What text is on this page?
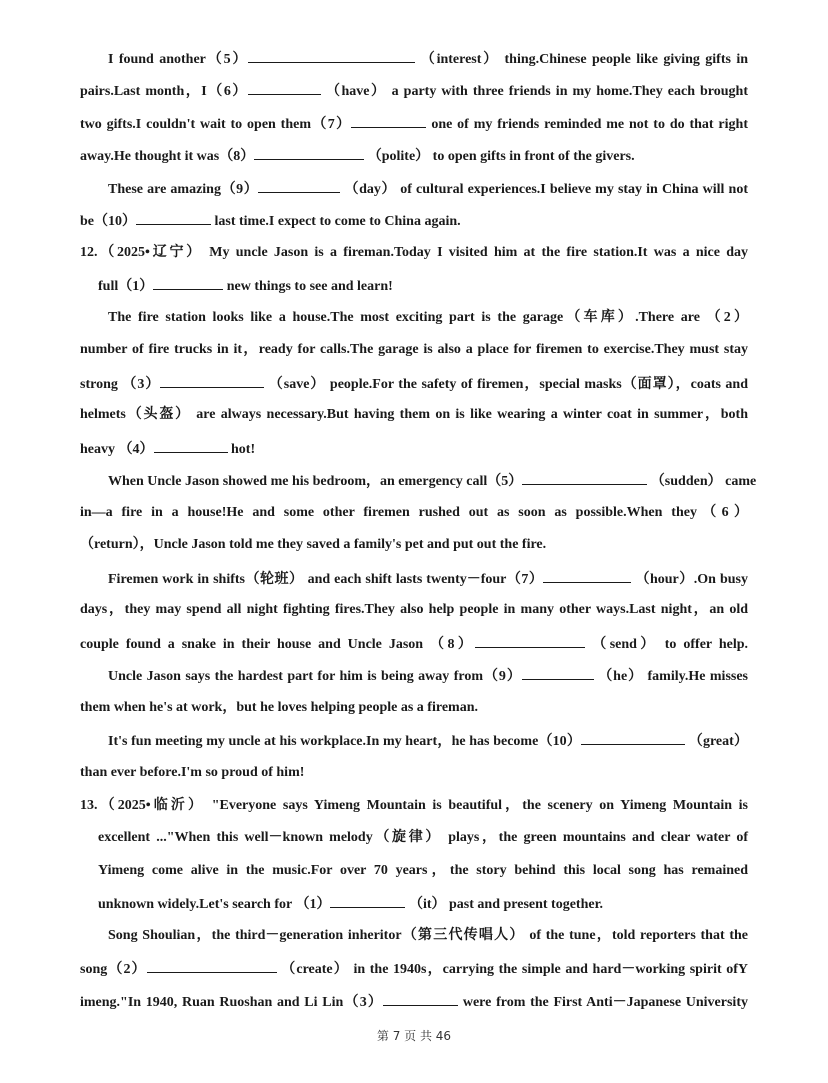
I found another（5）	（interest） thing.Chinese people like giving gifts in
pairs.Last month，I（6）	（have） a party with three friends in my home.They each brought
two gifts.I couldn't wait to open them（7）	one of my friends reminded me not to do that right
away.He thought it was（8）	（polite） to open gifts in front of the givers.
These are amazing（9）	（day） of cultural experiences.I believe my stay in China will not
be（10）	last time.I expect to come to China again.
12.（2025•辽宁） My uncle Jason is a fireman.Today I visited him at the fire station.It was a nice day
full（1）	new things to see and learn!
The fire station looks like a house.The most exciting part is the garage（车库）.There are （2）
number of fire trucks in it，ready for calls.The garage is also a place for firemen to exercise.They must stay
strong （3）	（save） people.For the safety of firemen，special masks（面罩），coats and
helmets（头盔） are always necessary.But having them on is like wearing a winter coat in summer，both
heavy （4）	hot!
When Uncle Jason showed me his bedroom，an emergency call（5）	（sudden） came
in—a fire in a house!He and some other firemen rushed out as soon as possible.When they（6）
（return），Uncle Jason told me they saved a family's pet and put out the fire.
Firemen work in shifts（轮班） and each shift lasts twenty－four（7）	（hour）.On busy
days，they may spend all night fighting fires.They also help people in many other ways.Last night，an old
couple found a snake in their house and Uncle Jason （8）	（send） to offer help.
Uncle Jason says the hardest part for him is being away from（9）	（he） family.He misses
them when he's at work，but he loves helping people as a fireman.
It's fun meeting my uncle at his workplace.In my heart，he has become（10）	（great）
than ever before.I'm so proud of him!
13.（2025•临沂） "Everyone says Yimeng Mountain is beautiful，the scenery on Yimeng Mountain is
excellent ..."When this well－known melody（旋律） plays，the green mountains and clear water of
Yimeng come alive in the music.For over 70 years，the story behind this local song has remained
unknown widely.Let's search for （1）	（it） past and present together.
Song Shoulian，the third－generation inheritor（第三代传唱人） of the tune，told reporters that the
song（2）	（create） in the 1940s，carrying the simple and hard－working spirit ofY
imeng."In 1940, Ruan Ruoshan and Li Lin（3）	were from the First Anti－Japanese University
第 7 页 共 46
